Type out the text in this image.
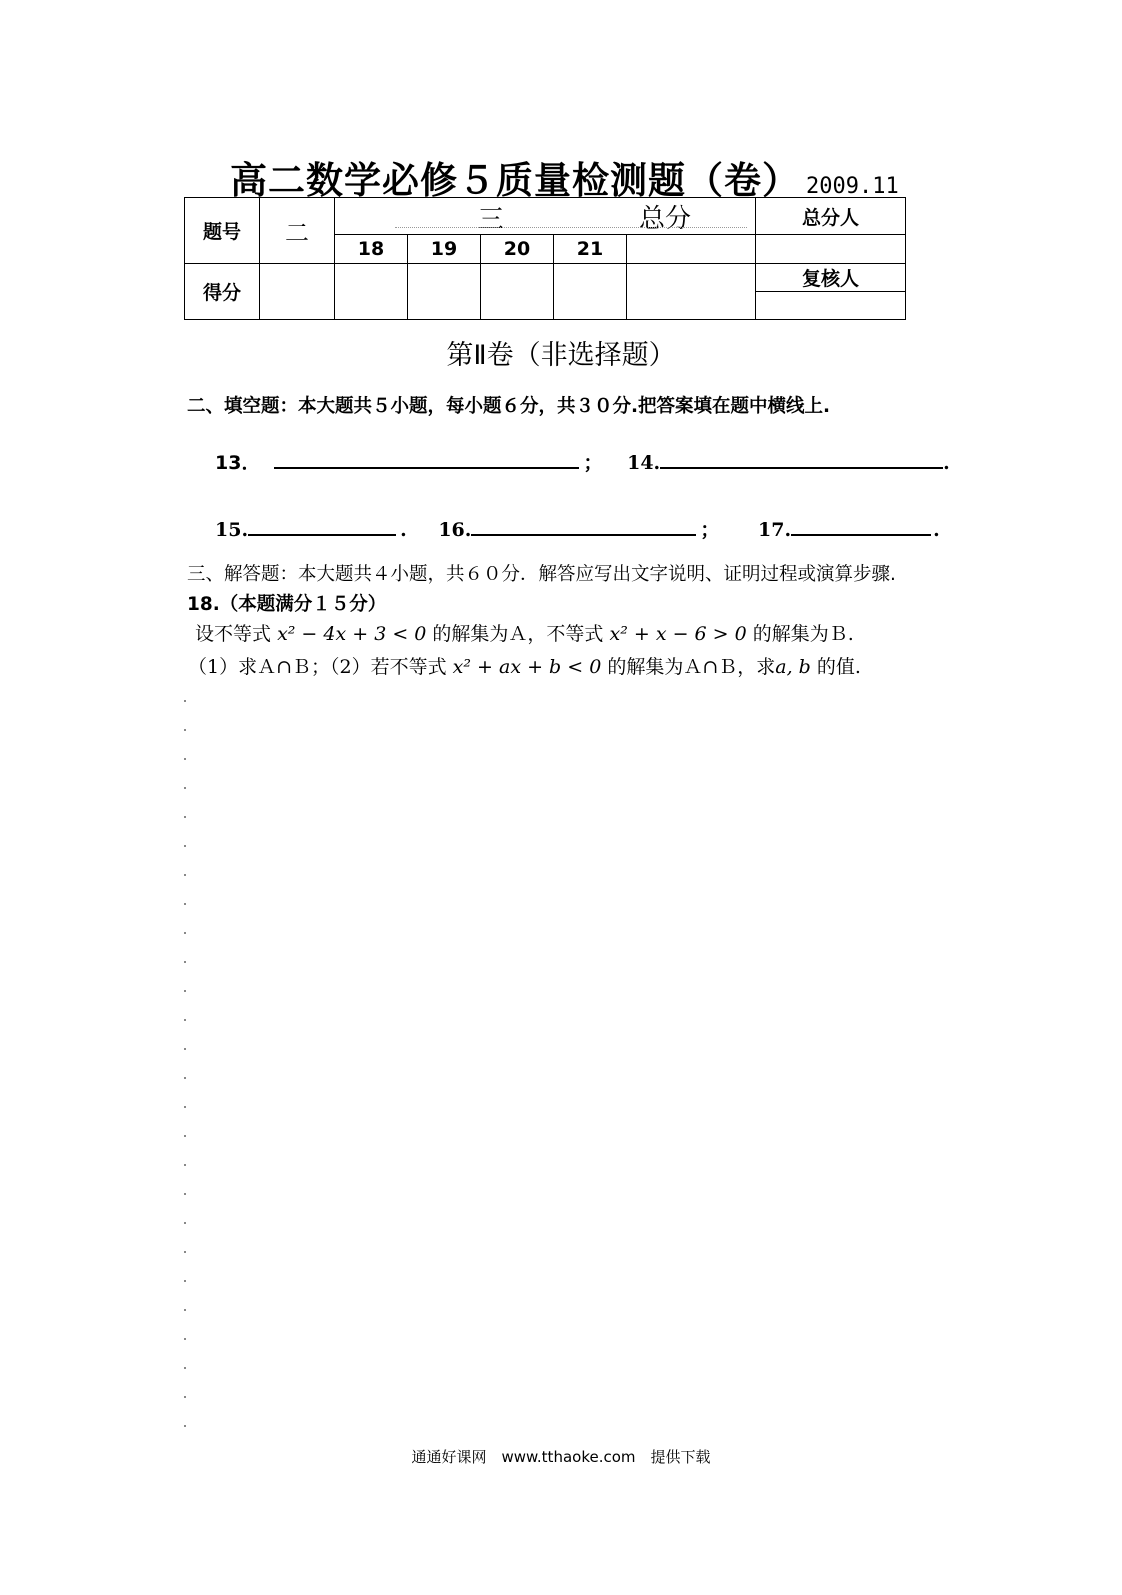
高二数学必修５质量检测题（卷） 2009.11
题号	二	三 总分					总分人
		18	19	20	21		
得分							复核人

第Ⅱ卷（非选择题）
二、填空题：本大题共５小题，每小题６分，共３０分.把答案填在题中横线上.
13．	； 14.	.
15.	. 16.	； 17.	.
三、解答题：本大题共４小题，共６０分．解答应写出文字说明、证明过程或演算步骤.
18.（本题满分１５分）
设不等式 x² − 4x + 3 < 0 的解集为Ａ，不等式 x² + x − 6 > 0 的解集为Ｂ.
（1）求Ａ∩Ｂ；（2）若不等式 x² + ax + b < 0 的解集为Ａ∩Ｂ，求a, b 的值.
通通好课网　www.tthaoke.com　提供下载
